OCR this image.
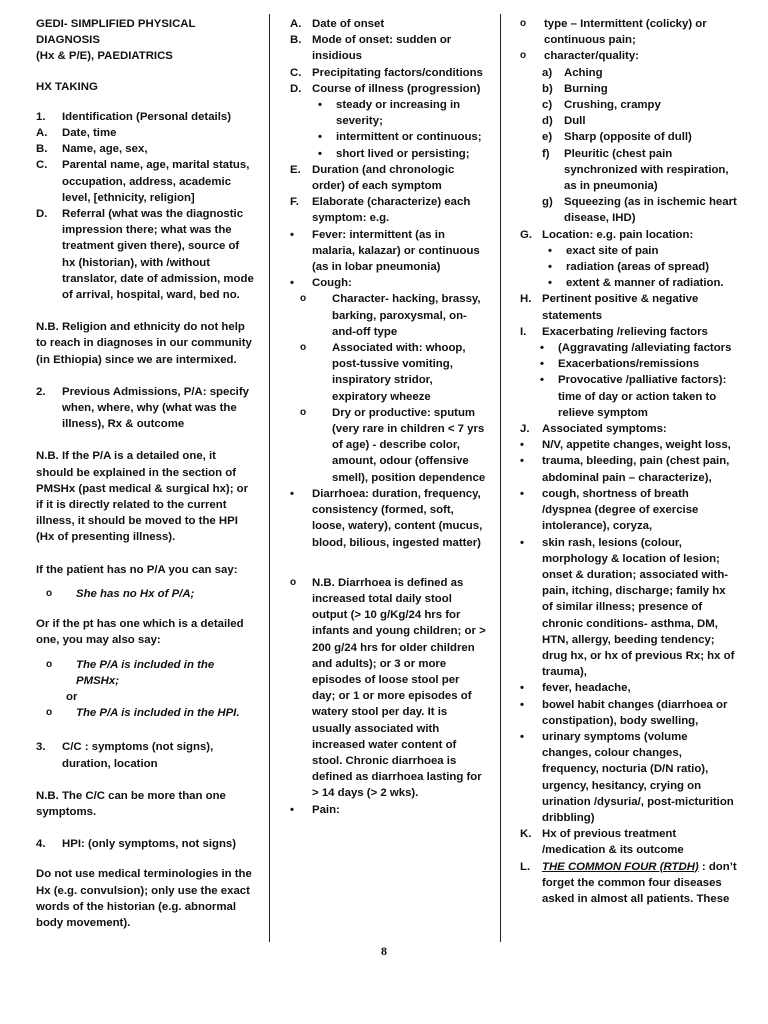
GEDI- SIMPLIFIED PHYSICAL DIAGNOSIS
(Hx & P/E), PAEDIATRICS
HX TAKING
1.	Identification (Personal details)
A.	Date, time
B.	Name, age, sex,
C.	Parental name, age, marital status, occupation, address, academic level, [ethnicity, religion]
D.	Referral (what was the diagnostic impression there; what was the treatment given there), source of hx (historian), with /without translator, date of admission, mode of arrival, hospital, ward, bed no.
N.B. Religion and ethnicity do not help to reach in diagnoses in our community (in Ethiopia) since we are intermixed.
2.	Previous Admissions, P/A: specify when, where, why (what was the illness), Rx & outcome
N.B. If the P/A is a detailed one, it should be explained in the section of PMSHx (past medical & surgical hx); or if it is directly related to the current illness, it should be moved to the HPI (Hx of presenting illness).
If the patient has no P/A you can say:
o	She has no Hx of P/A;
Or if the pt has one which is a detailed one, you may also say:
o	The P/A is included in the PMSHx;
or
o	The P/A is included in the HPI.
3.	C/C : symptoms (not signs), duration, location
N.B. The C/C can be more than one symptoms.
4.	HPI: (only symptoms, not signs)
Do not use medical terminologies in the Hx (e.g. convulsion); only use the exact words of the historian (e.g. abnormal body movement).
A. Date of onset
B. Mode of onset: sudden or insidious
C. Precipitating factors/conditions
D. Course of illness (progression)
•	steady or increasing in severity;
•	intermittent or continuous;
•	short lived or persisting;
E. Duration (and chronologic order) of each symptom
F.	Elaborate (characterize) each symptom: e.g.
•	Fever: intermittent (as in malaria, kalazar) or continuous (as in lobar pneumonia)
•	Cough:
o	Character- hacking, brassy, barking, paroxysmal, on-and-off type
o	Associated with: whoop, post-tussive vomiting, inspiratory stridor, expiratory wheeze
o	Dry or productive: sputum (very rare in children < 7 yrs of age) - describe color, amount, odour (offensive smell), position dependence
•	Diarrhoea: duration, frequency, consistency (formed, soft, loose, watery), content (mucus, blood, bilious, ingested matter)
o	N.B. Diarrhoea is defined as increased total daily stool output (> 10 g/Kg/24 hrs for infants and young children; or > 200 g/24 hrs for older children and adults); or 3 or more episodes of loose stool per day; or 1 or more episodes of watery stool per day. It is usually associated with increased water content of stool. Chronic diarrhoea is defined as diarrhoea lasting for > 14 days (> 2 wks).
•	Pain:
o	type – Intermittent (colicky) or continuous pain;
o	character/quality:
a)	Aching
b) Burning
c)	Crushing, crampy
d) Dull
e)	Sharp (opposite of dull)
f)	Pleuritic (chest pain synchronized with respiration, as in pneumonia)
g) Squeezing (as in ischemic heart disease, IHD)
G. Location: e.g. pain location:
•	exact site of pain
•	radiation (areas of spread)
•	extent & manner of radiation.
H. Pertinent positive & negative statements
I.	Exacerbating /relieving factors
•	(Aggravating /alleviating factors
•	Exacerbations/remissions
•	Provocative /palliative factors): time of day or action taken to relieve symptom
J.	Associated symptoms:
•	N/V, appetite changes, weight loss,
•	trauma, bleeding, pain (chest pain, abdominal pain – characterize),
•	cough, shortness of breath /dyspnea (degree of exercise intolerance), coryza,
•	skin rash, lesions (colour, morphology & location of lesion; onset & duration; associated with- pain, itching, discharge; family hx of similar illness; presence of chronic conditions- asthma, DM, HTN, allergy, beeding tendency; drug hx, or hx of previous Rx; hx of trauma),
•	fever, headache,
•	bowel habit changes (diarrhoea or constipation), body swelling,
•	urinary symptoms (volume changes, colour changes, frequency, nocturia (D/N ratio), urgency, hesitancy, crying on urination /dysuria/, post-micturition dribbling)
K. Hx of previous treatment /medication & its outcome
L.	THE COMMON FOUR (RTDH) : don’t forget the common four diseases asked in almost all patients. These
8
